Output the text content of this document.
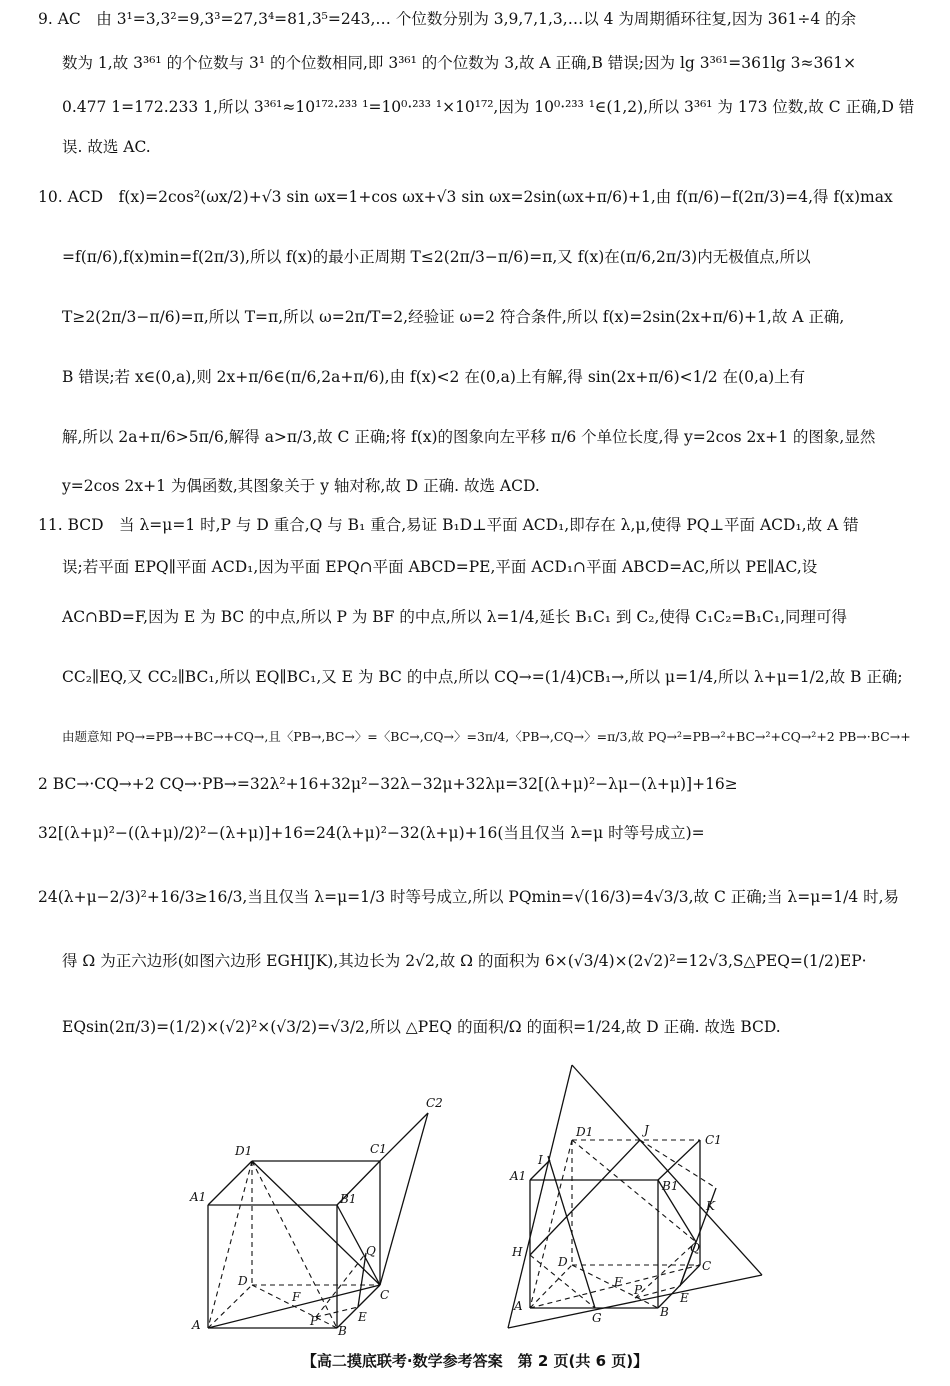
9. AC　由 3¹=3,3²=9,3³=27,3⁴=81,3⁵=243,… 个位数分别为 3,9,7,1,3,…以 4 为周期循环往复,因为 361÷4 的余
数为 1,故 3³⁶¹ 的个位数与 3¹ 的个位数相同,即 3³⁶¹ 的个位数为 3,故 A 正确,B 错误;因为 lg 3³⁶¹=361lg 3≈361×
0.477 1=172.233 1,所以 3³⁶¹≈10¹⁷²·²³³ ¹=10⁰·²³³ ¹×10¹⁷²,因为 10⁰·²³³ ¹∈(1,2),所以 3³⁶¹ 为 173 位数,故 C 正确,D 错
误. 故选 AC.
10. ACD　f(x)=2cos²(ωx/2)+√3 sin ωx=1+cos ωx+√3 sin ωx=2sin(ωx+π/6)+1,由 f(π/6)−f(2π/3)=4,得 f(x)max
=f(π/6),f(x)min=f(2π/3),所以 f(x)的最小正周期 T≤2(2π/3−π/6)=π,又 f(x)在(π/6,2π/3)内无极值点,所以
T≥2(2π/3−π/6)=π,所以 T=π,所以 ω=2π/T=2,经验证 ω=2 符合条件,所以 f(x)=2sin(2x+π/6)+1,故 A 正确,
B 错误;若 x∈(0,a),则 2x+π/6∈(π/6,2a+π/6),由 f(x)<2 在(0,a)上有解,得 sin(2x+π/6)<1/2 在(0,a)上有
解,所以 2a+π/6>5π/6,解得 a>π/3,故 C 正确;将 f(x)的图象向左平移 π/6 个单位长度,得 y=2cos 2x+1 的图象,显然
y=2cos 2x+1 为偶函数,其图象关于 y 轴对称,故 D 正确. 故选 ACD.
11. BCD　当 λ=μ=1 时,P 与 D 重合,Q 与 B₁ 重合,易证 B₁D⊥平面 ACD₁,即存在 λ,μ,使得 PQ⊥平面 ACD₁,故 A 错
误;若平面 EPQ∥平面 ACD₁,因为平面 EPQ∩平面 ABCD=PE,平面 ACD₁∩平面 ABCD=AC,所以 PE∥AC,设
AC∩BD=F,因为 E 为 BC 的中点,所以 P 为 BF 的中点,所以 λ=1/4,延长 B₁C₁ 到 C₂,使得 C₁C₂=B₁C₁,同理可得
CC₂∥EQ,又 CC₂∥BC₁,所以 EQ∥BC₁,又 E 为 BC 的中点,所以 CQ→=(1/4)CB₁→,所以 μ=1/4,所以 λ+μ=1/2,故 B 正确;
由题意知 PQ→=PB→+BC→+CQ→,且〈PB→,BC→〉=〈BC→,CQ→〉=3π/4,〈PB→,CQ→〉=π/3,故 PQ→²=PB→²+BC→²+CQ→²+2 PB→·BC→+
2 BC→·CQ→+2 CQ→·PB→=32λ²+16+32μ²−32λ−32μ+32λμ=32[(λ+μ)²−λμ−(λ+μ)]+16≥
32[(λ+μ)²−((λ+μ)/2)²−(λ+μ)]+16=24(λ+μ)²−32(λ+μ)+16(当且仅当 λ=μ 时等号成立)=
24(λ+μ−2/3)²+16/3≥16/3,当且仅当 λ=μ=1/3 时等号成立,所以 PQmin=√(16/3)=4√3/3,故 C 正确;当 λ=μ=1/4 时,易
得 Ω 为正六边形(如图六边形 EGHIJK),其边长为 2√2,故 Ω 的面积为 6×(√3/4)×(2√2)²=12√3,S△PEQ=(1/2)EP·
EQsin(2π/3)=(1/2)×(√2)²×(√3/2)=√3/2,所以 △PEQ 的面积/Ω 的面积=1/24,故 D 正确. 故选 BCD.
A1
D1	C1
C2
B1
Q
D
C
F
P	E
A	B
A1
I
D1	J
C1
B1
K
H	Q
D	C
F
P
E
A	B
G
【高二摸底联考·数学参考答案　第 2 页(共 6 页)】
